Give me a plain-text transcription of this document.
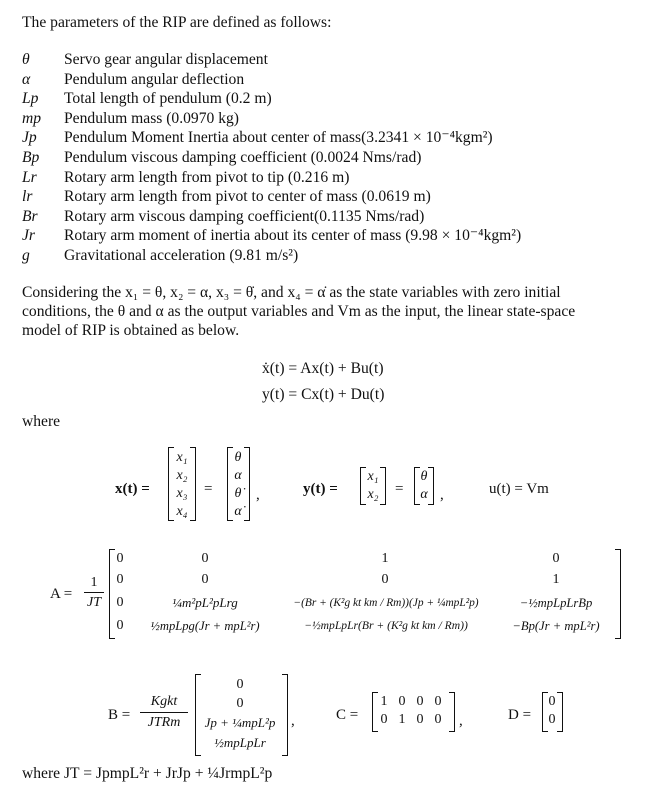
The parameters of the RIP are defined as follows:
θ	Servo gear angular displacement
α	Pendulum angular deflection
Lp	Total length of pendulum (0.2 m)
mp	Pendulum mass (0.0970 kg)
Jp	Pendulum Moment Inertia about center of mass(3.2341 × 10⁻⁴kgm²)
Bp	Pendulum viscous damping coefficient (0.0024 Nms/rad)
Lr	Rotary arm length from pivot to tip (0.216 m)
lr	Rotary arm length from pivot to center of mass (0.0619 m)
Br	Rotary arm viscous damping coefficient(0.1135 Nms/rad)
Jr	Rotary arm moment of inertia about its center of mass (9.98 × 10⁻⁴kgm²)
g	Gravitational acceleration (9.81 m/s²)
Considering the x₁ = θ, x₂ = α, x₃ = θ̇, and x₄ = α̇ as the state variables with zero initial
conditions, the θ and α as the output variables and Vm as the input, the linear state-space
model of RIP is obtained as below.
ẋ(t) = Ax(t) + Bu(t)
y(t) = Cx(t) + Du(t)
where
x(t) =
x₁
x₂
x₃
x₄
=
θ
α
θ̇
α̇
,	y(t) =
x₁
x₂ =
θ
α ,	u(t) = Vm
A =
1
JT
0	0	1	0
0	0	0	1
0	¼m²pL²pLrg	−(Br + (K²g kt km / Rm))(Jp + ¼mpL²p)	−½mpLpLrBp
0	½mpLpg(Jr + mpL²r)	−½mpLpLr(Br + (K²g kt km / Rm))	−Bp(Jr + mpL²r)
B =
Kgkt
JTRm
0
0
Jp + ¼mpL²p
½mpLpLr
,	C =
1 0 0 0
0 1 0 0	,	D =
0
0
where JT = JpmpL²r + JrJp + ¼JrmpL²p
